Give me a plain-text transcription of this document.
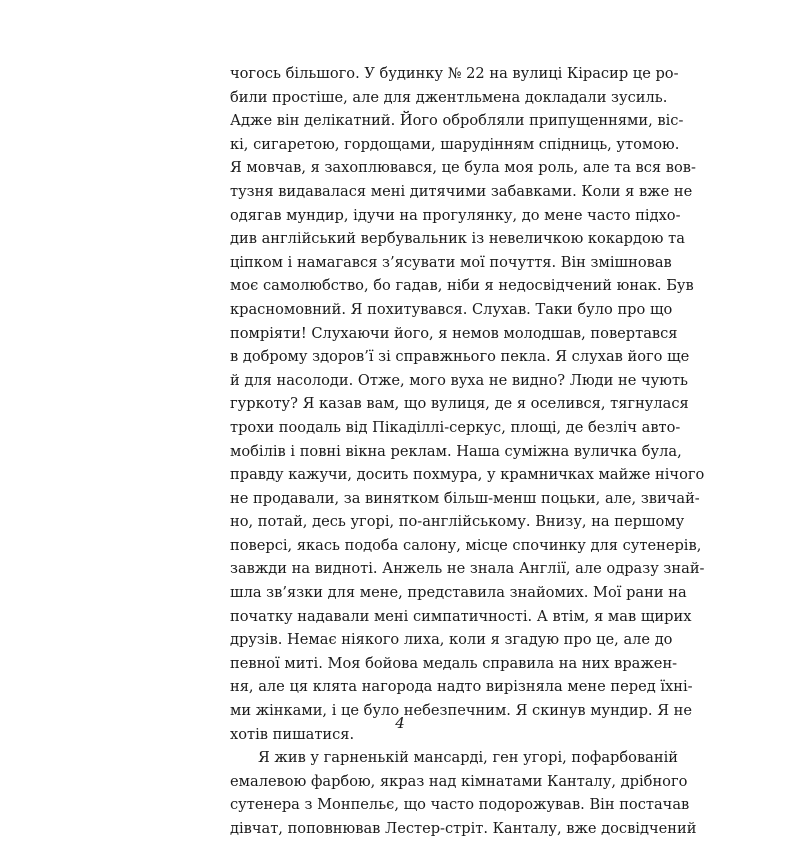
чогось більшого. У будинку № 22 на вулиці Кірасир це ро-
били простіше, але для джентльмена докладали зусиль.
Адже він делікатний. Його обробляли припущеннями, віс-
кі, сигаретою, гордощами, шарудінням спідниць, утомою.
Я мовчав, я захоплювався, це була моя роль, але та вся вов-
тузня видавалася мені дитячими забавками. Коли я вже не
одягав мундир, ідучи на прогулянку, до мене часто підхо-
див англійський вербувальник із невеличкою кокардою та
ціпком і намагався з’ясувати мої почуття. Він змішновав
моє самолюбство, бо гадав, ніби я недосвідчений юнак. Був
красномовний. Я похитувався. Слухав. Таки було про що
помріяти! Слухаючи його, я немов молодшав, повертався
в доброму здоров’ї зі справжнього пекла. Я слухав його ще
й для насолоди. Отже, мого вуха не видно? Люди не чують
гуркоту? Я казав вам, що вулиця, де я оселився, тягнулася
трохи поодаль від Пікаділлі-серкус, площі, де безліч авто-
мобілів і повні вікна реклам. Наша суміжна вуличка була,
правду кажучи, досить похмура, у крамничках майже нічого
не продавали, за винятком більш-менш поцьки, але, звичай-
но, потай, десь угорі, по-англійському. Внизу, на першому
поверсі, якась подоба салону, місце спочинку для сутенерів,
завжди на видноті. Анжель не знала Англії, але одразу знай-
шла зв’язки для мене, представила знайомих. Мої рани на
початку надавали мені симпатичності. А втім, я мав щирих
друзів. Немає ніякого лиха, коли я згадую про це, але до
певної миті. Моя бойова медаль справила на них вражен-
ня, але ця клята нагорода надто вирізняла мене перед їхні-
ми жінками, і це було небезпечним. Я скинув мундир. Я не
хотів пишатися.
Я жив у гарненькій мансарді, ген угорі, пофарбованій
емалевою фарбою, якраз над кімнатами Канталу, дрібного
сутенера з Монпельє, що часто подорожував. Він постачав
дівчат, поповнював Лестер-стріт. Канталу, вже досвідчений
4
